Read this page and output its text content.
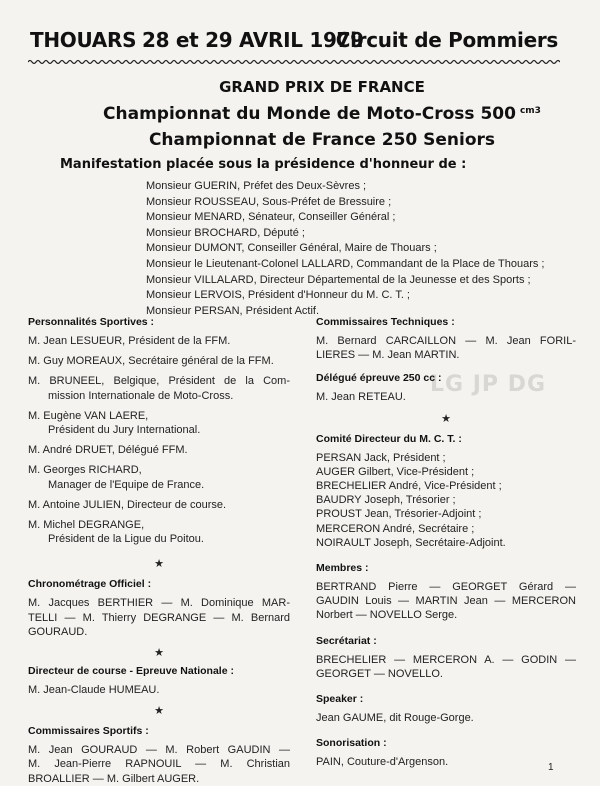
LG JP DG
THOUARS 28 et 29 AVRIL 1979
Circuit de Pommiers
GRAND PRIX DE FRANCE
Championnat du Monde de Moto-Cross 500 $^{cm3}$
Championnat de France 250 Seniors
Manifestation placée sous la présidence d'honneur de :
Monsieur GUERIN, Préfet des Deux-Sèvres ;
Monsieur ROUSSEAU, Sous-Préfet de Bressuire ;
Monsieur MENARD, Sénateur, Conseiller Général ;
Monsieur BROCHARD, Député ;
Monsieur DUMONT, Conseiller Général, Maire de Thouars ;
Monsieur le Lieutenant-Colonel LALLARD, Commandant de la Place de Thouars ;
Monsieur VILLALARD, Directeur Départemental de la Jeunesse et des Sports ;
Monsieur LERVOIS, Président d'Honneur du M. C. T. ;
Monsieur PERSAN, Président Actif.
Personnalités Sportives :
M. Jean LESUEUR, Président de la FFM.
M. Guy MOREAUX, Secrétaire général de la FFM.
M. BRUNEEL, Belgique, Président de la Com-
mission Internationale de Moto-Cross.
M. Eugène VAN LAERE,
Président du Jury International.
M. André DRUET, Délégué FFM.
M. Georges RICHARD,
Manager de l'Equipe de France.
M. Antoine JULIEN, Directeur de course.
M. Michel DEGRANGE,
Président de la Ligue du Poitou.
★
Chronométrage Officiel :
M. Jacques BERTHIER — M. Dominique MAR-
TELLI — M. Thierry DEGRANGE — M. Bernard
GOURAUD.
★
Directeur de course - Epreuve Nationale :
M. Jean-Claude HUMEAU.
★
Commissaires Sportifs :
M. Jean GOURAUD — M. Robert GAUDIN —
M. Jean-Pierre RAPNOUIL — M. Christian
BROALLIER — M. Gilbert AUGER.
Commissaires Techniques :
M. Bernard CARCAILLON — M. Jean FORIL-
LIERES — M. Jean MARTIN.
Délégué épreuve 250 cc :
M. Jean RETEAU.
★
Comité Directeur du M. C. T. :
PERSAN Jack, Président ;
AUGER Gilbert, Vice-Président ;
BRECHELIER André, Vice-Président ;
BAUDRY Joseph, Trésorier ;
PROUST Jean, Trésorier-Adjoint ;
MERCERON André, Secrétaire ;
NOIRAULT Joseph, Secrétaire-Adjoint.
Membres :
BERTRAND Pierre — GEORGET Gérard —
GAUDIN Louis — MARTIN Jean — MERCERON
Norbert — NOVELLO Serge.
Secrétariat :
BRECHELIER — MERCERON A. — GODIN —
GEORGET — NOVELLO.
Speaker :
Jean GAUME, dit Rouge-Gorge.
Sonorisation :
PAIN, Couture-d'Argenson.	1
